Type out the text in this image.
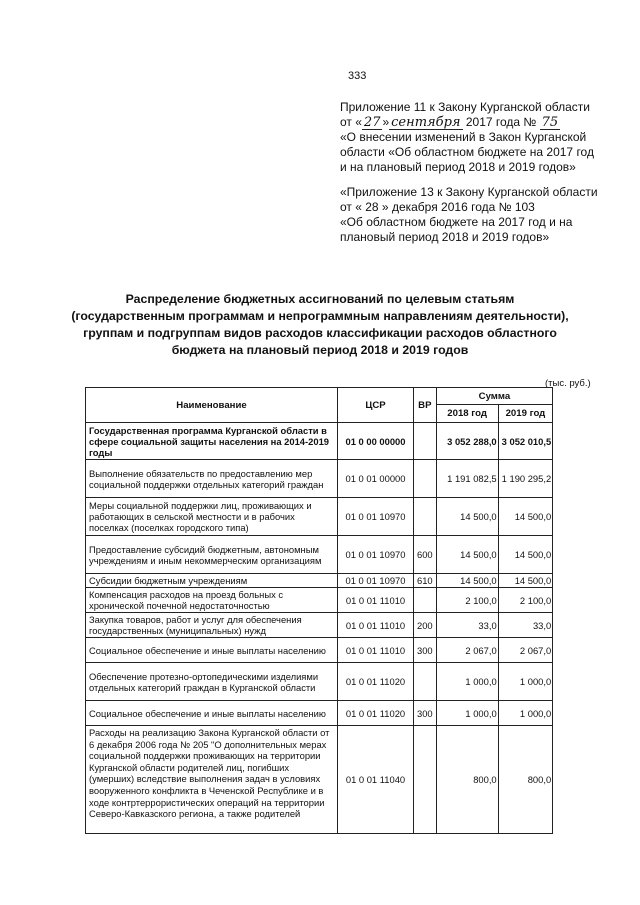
333
Приложение 11 к Закону Курганской области
от « 27 » сентября 2017 года № 75
«О внесении изменений в Закон Курганской
области «Об областном бюджете на 2017 год
и на плановый период 2018 и 2019 годов»
«Приложение 13 к Закону Курганской области
от « 28 » декабря 2016 года № 103
«Об областном бюджете на 2017 год и на
плановый период 2018 и 2019 годов»
Распределение бюджетных ассигнований по целевым статьям (государственным программам и непрограммным направлениям деятельности), группам и подгруппам видов расходов классификации расходов областного бюджета на плановый период 2018 и 2019 годов
(тыс. руб.)
Наименование	ЦСР	ВР	Сумма	
			2018 год	2019 год
Государственная программа Курганской области в сфере социальной защиты населения на 2014-2019 годы	01 0 00 00000		3 052 288,0	3 052 010,5
Выполнение обязательств по предоставлению мер социальной поддержки отдельных категорий граждан	01 0 01 00000		1 191 082,5	1 190 295,2
Меры социальной поддержки лиц, проживающих и работающих в сельской местности и в рабочих поселках (поселках городского типа)	01 0 01 10970		14 500,0	14 500,0
Предоставление субсидий бюджетным, автономным учреждениям и иным некоммерческим организациям	01 0 01 10970	600	14 500,0	14 500,0
Субсидии бюджетным учреждениям	01 0 01 10970	610	14 500,0	14 500,0
Компенсация расходов на проезд больных с хронической почечной недостаточностью	01 0 01 11010		2 100,0	2 100,0
Закупка товаров, работ и услуг для обеспечения государственных (муниципальных) нужд	01 0 01 11010	200	33,0	33,0
Социальное обеспечение и иные выплаты населению	01 0 01 11010	300	2 067,0	2 067,0
Обеспечение протезно-ортопедическими изделиями отдельных категорий граждан в Курганской области	01 0 01 11020		1 000,0	1 000,0
Социальное обеспечение и иные выплаты населению	01 0 01 11020	300	1 000,0	1 000,0
Расходы на реализацию Закона Курганской области от 6 декабря 2006 года № 205 "О дополнительных мерах социальной поддержки проживающих на территории Курганской области родителей лиц, погибших (умерших) вследствие выполнения задач в условиях вооруженного конфликта в Чеченской Республике и в ходе контртеррористических операций на территории Северо-Кавказского региона, а также родителей	01 0 01 11040		800,0	800,0
